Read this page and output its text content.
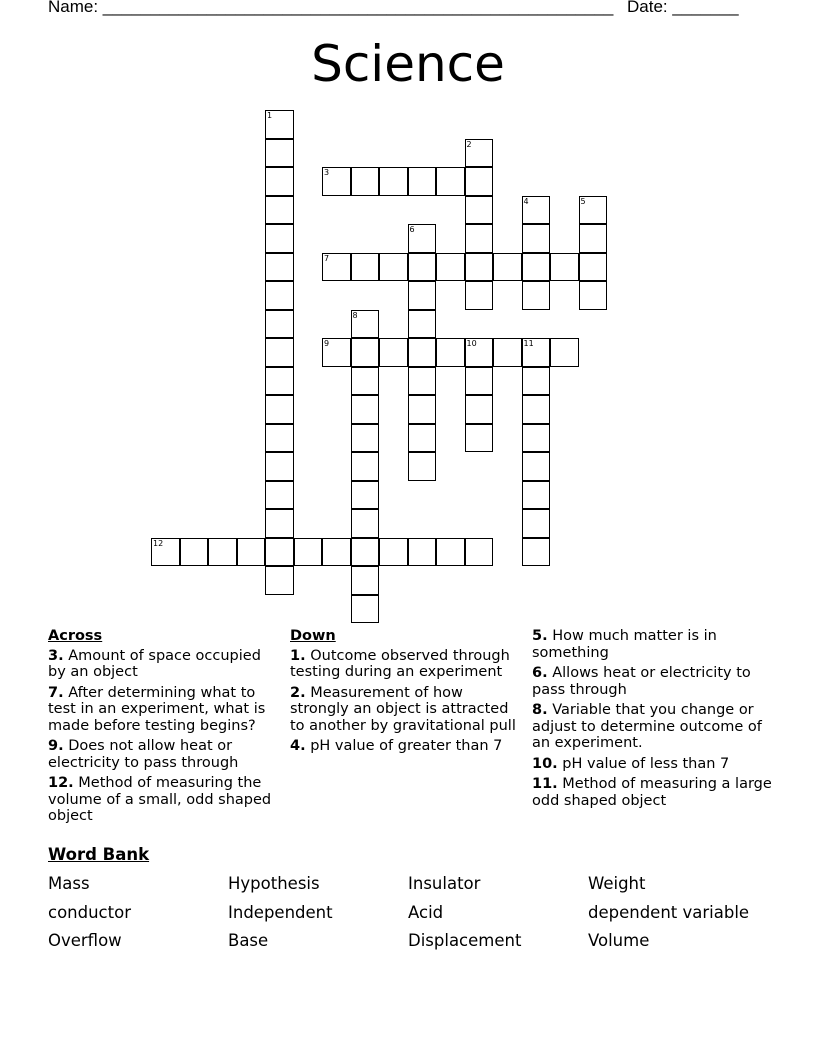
Name: ______________________________________________________ Date: _______
Science
1
2
3
4	5
6
7
8
9	10	11
12
Across
3. Amount of space occupied by an object
7. After determining what to test in an experiment, what is made before testing begins?
9. Does not allow heat or electricity to pass through
12. Method of measuring the volume of a small, odd shaped object
Down
1. Outcome observed through testing during an experiment
2. Measurement of how strongly an object is attracted to another by gravitational pull
4. pH value of greater than 7
5. How much matter is in something
6. Allows heat or electricity to pass through
8. Variable that you change or adjust to determine outcome of an experiment.
10. pH value of less than 7
11. Method of measuring a large odd shaped object
Word Bank
Mass	Hypothesis	Insulator	Weight
conductor	Independent	Acid	dependent variable
Overflow	Base	Displacement	Volume
